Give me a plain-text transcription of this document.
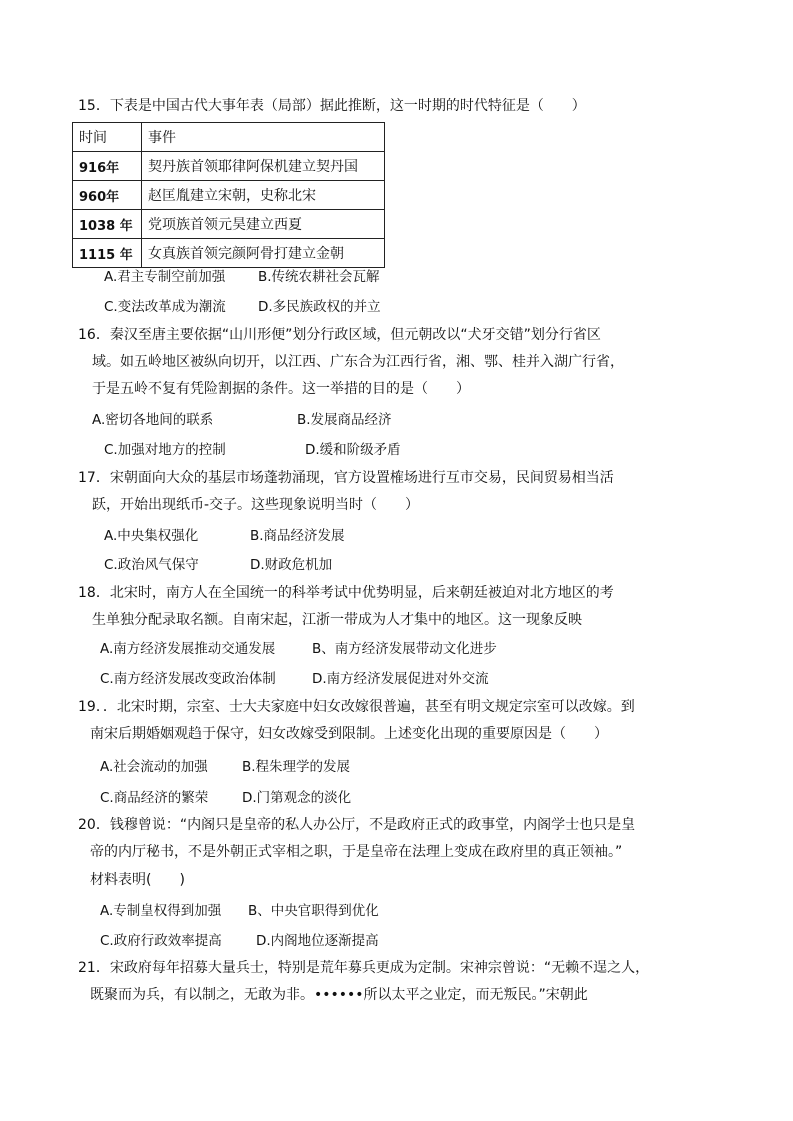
15．下表是中国古代大事年表（局部）据此推断，这一时期的时代特征是（　　）
时间	事件
916年	契丹族首领耶律阿保机建立契丹国
960年	赵匡胤建立宋朝，史称北宋
1038 年	党项族首领元昊建立西夏
1115 年	女真族首领完颜阿骨打建立金朝
A.君主专制空前加强 B.传统农耕社会瓦解
C.变法改革成为潮流 D.多民族政权的并立
16．秦汉至唐主要依据“山川形便”划分行政区域，但元朝改以“犬牙交错”划分行省区
域。如五岭地区被纵向切开，以江西、广东合为江西行省，湘、鄂、桂并入湖广行省，
于是五岭不复有凭险割据的条件。这一举措的目的是（　　）
A.密切各地间的联系	B.发展商品经济
C.加强对地方的控制	D.缓和阶级矛盾
17．宋朝面向大众的基层市场蓬勃涌现，官方设置榷场进行互市交易，民间贸易相当活
跃，开始出现纸币-交子。这些现象说明当时（　　）
A.中央集权强化	B.商品经济发展
C.政治风气保守	D.财政危机加
18．北宋时，南方人在全国统一的科举考试中优势明显，后来朝廷被迫对北方地区的考
生单独分配录取名额。自南宋起，江浙一带成为人才集中的地区。这一现象反映
A.南方经济发展推动交通发展	B、南方经济发展带动文化进步
C.南方经济发展改变政治体制	D.南方经济发展促进对外交流
19．．北宋时期，宗室、士大夫家庭中妇女改嫁很普遍，甚至有明文规定宗室可以改嫁。到
南宋后期婚姻观趋于保守，妇女改嫁受到限制。上述变化出现的重要原因是（　　）
A.社会流动的加强	B.程朱理学的发展
C.商品经济的繁荣	D.门第观念的淡化
20．钱穆曾说：“内阁只是皇帝的私人办公厅，不是政府正式的政事堂，内阁学士也只是皇
帝的内厅秘书，不是外朝正式宰相之职，于是皇帝在法理上变成在政府里的真正领袖。”
材料表明(　　)
A.专制皇权得到加强 B、中央官职得到优化
C.政府行政效率提高	D.内阁地位逐渐提高
21．宋政府每年招募大量兵士，特别是荒年募兵更成为定制。宋神宗曾说：“无赖不逞之人，
既聚而为兵，有以制之，无敢为非。••••••所以太平之业定，而无叛民。”宋朝此
